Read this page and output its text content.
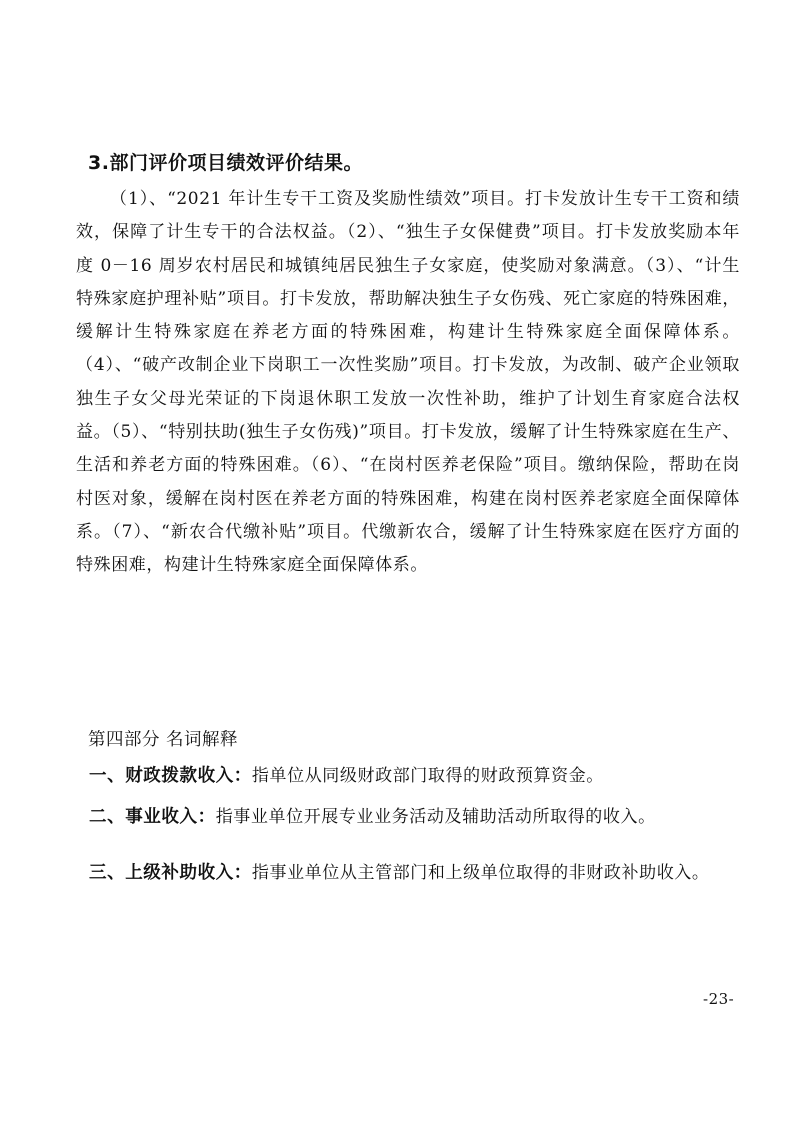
3.部门评价项目绩效评价结果。

（1）、“2021 年计生专干工资及奖励性绩效”项目。打卡发放计生专干工资和绩效，保障了计生专干的合法权益。（2）、“独生子女保健费”项目。打卡发放奖励本年度 0－16 周岁农村居民和城镇纯居民独生子女家庭，使奖励对象满意。（3）、“计生特殊家庭护理补贴”项目。打卡发放，帮助解决独生子女伤残、死亡家庭的特殊困难，缓解计生特殊家庭在养老方面的特殊困难，构建计生特殊家庭全面保障体系。（4）、“破产改制企业下岗职工一次性奖励”项目。打卡发放，为改制、破产企业领取独生子女父母光荣证的下岗退休职工发放一次性补助，维护了计划生育家庭合法权益。（5）、“特别扶助(独生子女伤残)”项目。打卡发放，缓解了计生特殊家庭在生产、生活和养老方面的特殊困难。（6）、“在岗村医养老保险”项目。缴纳保险，帮助在岗村医对象，缓解在岗村医在养老方面的特殊困难，构建在岗村医养老家庭全面保障体系。（7）、“新农合代缴补贴”项目。代缴新农合，缓解了计生特殊家庭在医疗方面的特殊困难，构建计生特殊家庭全面保障体系。

第四部分 名词解释

一、财政拨款收入：指单位从同级财政部门取得的财政预算资金。

二、事业收入：指事业单位开展专业业务活动及辅助活动所取得的收入。

三、上级补助收入：指事业单位从主管部门和上级单位取得的非财政补助收入。

-23-
